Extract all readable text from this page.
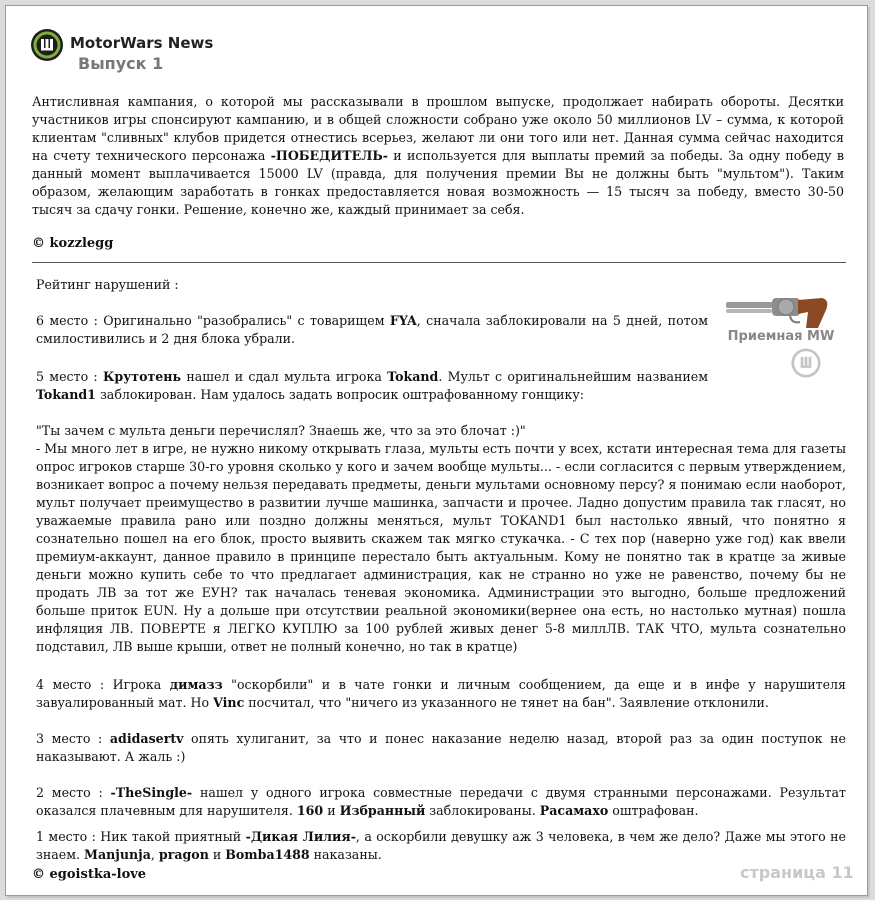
MotorWars News
Выпуск 1
Антисливная кампания, о которой мы рассказывали в прошлом выпуске, продолжает набирать обороты. Десятки участников игры спонсируют кампанию, и в общей сложности собрано уже около 50 миллионов LV – сумма, к которой клиентам "сливных" клубов придется отнестись всерьез, желают ли они того или нет. Данная сумма сейчас находится на счету технического персонажа -ПОБЕДИТЕЛЬ- и используется для выплаты премий за победы. За одну победу в данный момент выплачивается 15000 LV (правда, для получения премии Вы не должны быть "мультом"). Таким образом, желающим заработать в гонках предоставляется новая возможность — 15 тысяч за победу, вместо 30-50 тысяч за сдачу гонки. Решение, конечно же, каждый принимает за себя.
© kozzlegg
Рейтинг нарушений :
Приемная MW
6 место : Оригинально "разобрались" с товарищем FYA, сначала заблокировали на 5 дней, потом смилостивились и 2 дня блока убрали.
5 место : Крутотень нашел и сдал мульта игрока Tokand. Мульт с оригинальнейшим названием Tokand1 заблокирован. Нам удалось задать вопросик оштрафованному гонщику:
"Ты зачем с мульта деньги перечислял? Знаешь же, что за это блочат :)"
- Мы много лет в игре, не нужно никому открывать глаза, мульты есть почти у всех, кстати интересная тема для газеты опрос игроков старше 30-го уровня сколько у кого и зачем вообще мульты... - если согласится с первым утверждением, возникает вопрос а почему нельзя передавать предметы, деньги мультами основному персу? я понимаю если наоборот, мульт получает преимущество в развитии лучше машинка, запчасти и прочее. Ладно допустим правила так гласят, но уважаемые правила рано или поздно должны меняться, мульт TOKAND1 был настолько явный, что понятно я сознательно пошел на его блок, просто выявить скажем так мягко стукачка. - С тех пор (наверно уже год) как ввели премиум-аккаунт, данное правило в принципе перестало быть актуальным. Кому не понятно так в кратце за живые деньги можно купить себе то что предлагает администрация, как не странно но уже не равенство, почему бы не продать ЛВ за тот же ЕУН? так началась теневая экономика. Администрации это выгодно, больше предложений больше приток EUN. Ну а дольше при отсутствии реальной экономики(вернее она есть, но настолько мутная) пошла инфляция ЛВ. ПОВЕРТЕ я ЛЕГКО КУПЛЮ за 100 рублей живых денег 5-8 миллЛВ. ТАК ЧТО, мульта сознательно подставил, ЛВ выше крыши, ответ не полный конечно, но так в кратце)
4 место : Игрока димазз "оскорбили" и в чате гонки и личным сообщением, да еще и в инфе у нарушителя завуалированный мат. Но Vinc посчитал, что "ничего из указанного не тянет на бан". Заявление отклонили.
3 место : adidasertv опять хулиганит, за что и понес наказание неделю назад, второй раз за один поступок не наказывают. А жаль :)
2 место : -TheSingle- нашел у одного игрока совместные передачи с двумя странными персонажами. Результат оказался плачевным для нарушителя. 160 и Избранный заблокированы. Расамахо оштрафован.
1 место : Ник такой приятный -Дикая Лилия-, а оскорбили девушку аж 3 человека, в чем же дело? Даже мы этого не знаем. Manjunja, pragon и Bomba1488 наказаны.
© egoistka-love	страница 11
